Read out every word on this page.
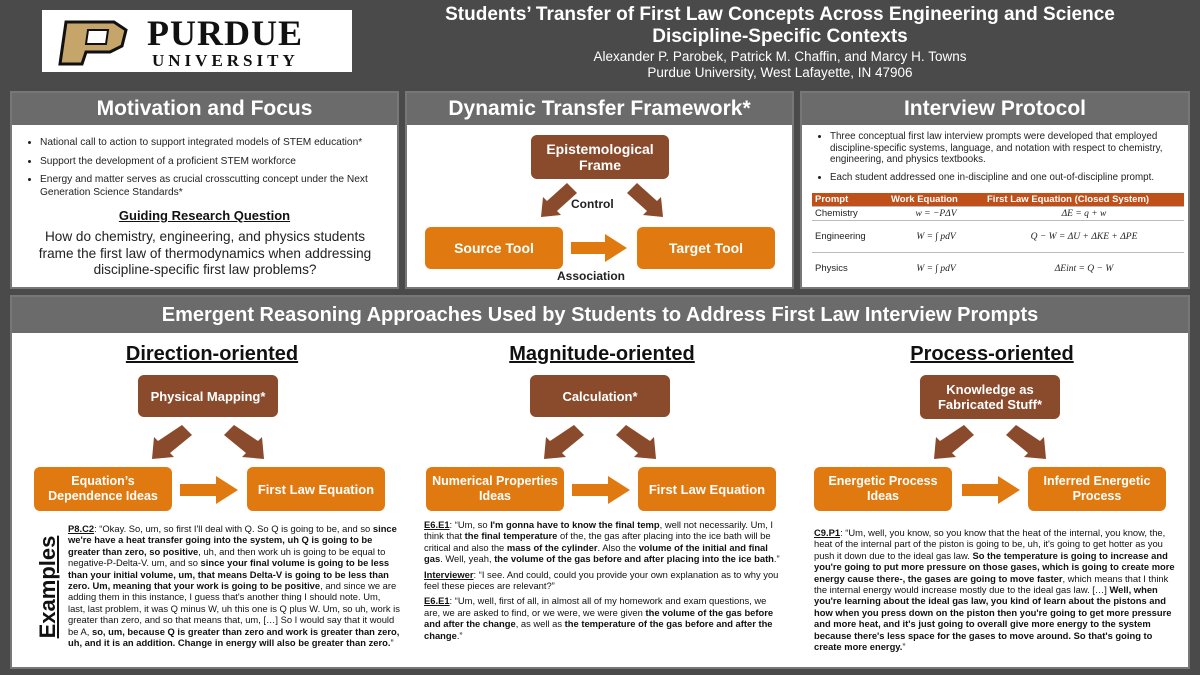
PURDUE
UNIVERSITY
Students’ Transfer of First Law Concepts Across Engineering and Science
Discipline-Specific Contexts
Alexander P. Parobek, Patrick M. Chaffin, and Marcy H. Towns
Purdue University, West Lafayette, IN 47906
Motivation and Focus
• National call to action to support integrated models of STEM education*
• Support the development of a proficient STEM workforce
• Energy and matter serves as crucial crosscutting concept under the Next Generation Science Standards*
Guiding Research Question
How do chemistry, engineering, and physics students frame the first law of thermodynamics when addressing discipline-specific first law problems?
Dynamic Transfer Framework*
Epistemological Frame
Control
Source Tool	Target Tool
Association
Interview Protocol
• Three conceptual first law interview prompts were developed that employed discipline-specific systems, language, and notation with respect to chemistry, engineering, and physics textbooks.
• Each student addressed one in-discipline and one out-of-discipline prompt.
Prompt	Work Equation	First Law Equation (Closed System)
Chemistry	w = −PΔV	ΔE = q + w
Engineering	W = ∫ pdV	Q − W = ΔU + ΔKE + ΔPE
Physics	W = ∫ pdV	ΔEint = Q − W
Emergent Reasoning Approaches Used by Students to Address First Law Interview Prompts
Examples
Direction-oriented
Physical Mapping*
Equation’s Dependence Ideas	First Law Equation
P8.C2: “Okay. So, um, so first I'll deal with Q. So Q is going to be, and so since we're have a heat transfer going into the system, uh Q is going to be greater than zero, so positive, uh, and then work uh is going to be equal to negative-P-Delta-V. um, and so since your final volume is going to be less than your initial volume, um, that means Delta-V is going to be less than zero. Um, meaning that your work is going to be positive, and since we are adding them in this instance, I guess that's another thing I should note. Um, last, last problem, it was Q minus W, uh this one is Q plus W. Um, so uh, work is greater than zero, and so that means that, um, […] So I would say that it would be A, so, um, because Q is greater than zero and work is greater than zero, uh, and it is an addition. Change in energy will also be greater than zero.”
Magnitude-oriented
Calculation*
Numerical Properties Ideas	First Law Equation
E6.E1: “Um, so I'm gonna have to know the final temp, well not necessarily. Um, I think that the final temperature of the, the gas after placing into the ice bath will be critical and also the mass of the cylinder. Also the volume of the initial and final gas. Well, yeah, the volume of the gas before and after placing into the ice bath.”
Interviewer: “I see. And could, could you provide your own explanation as to why you feel these pieces are relevant?”
E6.E1: “Um, well, first of all, in almost all of my homework and exam questions, we are, we are asked to find, or we were, we were given the volume of the gas before and after the change, as well as the temperature of the gas before and after the change.”
Process-oriented
Knowledge as Fabricated Stuff*
Energetic Process Ideas
Inferred Energetic Process
C9.P1: “Um, well, you know, so you know that the heat of the internal, you know, the, heat of the internal part of the piston is going to be, uh, it's going to get hotter as you push it down due to the ideal gas law. So the temperature is going to increase and you're going to put more pressure on those gases, which is going to create more energy cause there-, the gases are going to move faster, which means that I think the internal energy would increase mostly due to the ideal gas law. […] Well, when you're learning about the ideal gas law, you kind of learn about the pistons and how when you press down on the piston then you're going to get more pressure and more heat, and it's just going to overall give more energy to the system because there's less space for the gases to move around. So that's going to create more energy.”
